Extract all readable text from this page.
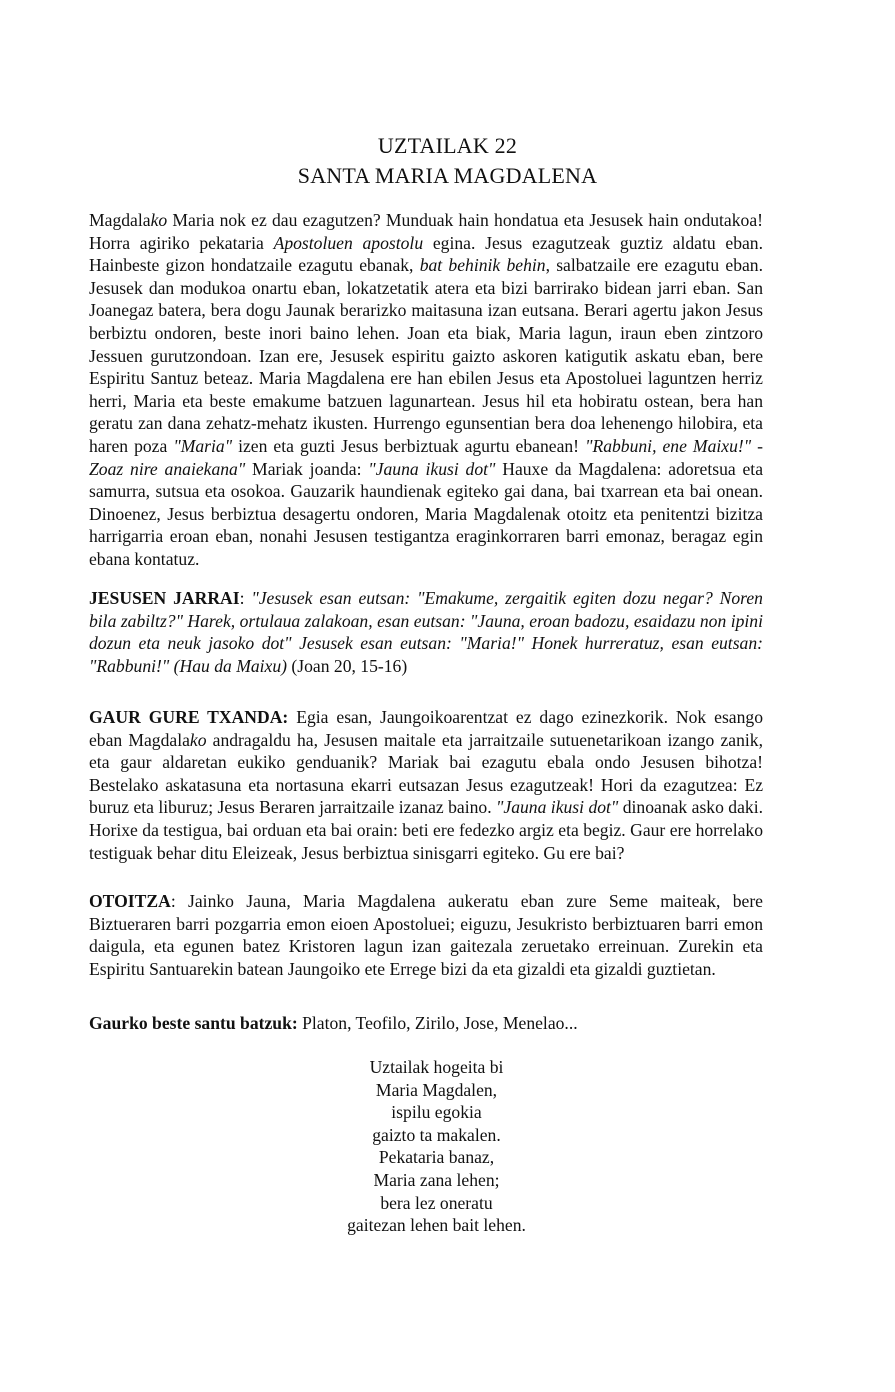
UZTAILAK 22
SANTA MARIA MAGDALENA

Magdalako Maria nok ez dau ezagutzen? Munduak hain hondatua eta Jesusek hain ondutakoa! Horra agiriko pekataria Apostoluen apostolu egina. Jesus ezagutzeak guztiz aldatu eban. Hainbeste gizon hondatzaile ezagutu ebanak, bat behinik behin, salbatzaile ere ezagutu eban. Jesusek dan modukoa onartu eban, lokatzetatik atera eta bizi barrirako bidean jarri eban. San Joanegaz batera, bera dogu Jaunak berarizko maitasuna izan eutsana. Berari agertu jakon Jesus berbiztu ondoren, beste inori baino lehen. Joan eta biak, Maria lagun, iraun eben zintzoro Jessuen gurutzondoan. Izan ere, Jesusek espiritu gaizto askoren katigutik askatu eban, bere Espiritu Santuz beteaz. Maria Magdalena ere han ebilen Jesus eta Apostoluei laguntzen herriz herri, Maria eta beste emakume batzuen lagunartean. Jesus hil eta hobiratu ostean, bera han geratu zan dana zehatz-mehatz ikusten. Hurrengo egunsentian bera doa lehenengo hilobira, eta haren poza "Maria" izen eta guzti Jesus berbiztuak agurtu ebanean! "Rabbuni, ene Maixu!" -Zoaz nire anaiekana" Mariak joanda: "Jauna ikusi dot" Hauxe da Magdalena: adoretsua eta samurra, sutsua eta osokoa. Gauzarik haundienak egiteko gai dana, bai txarrean eta bai onean. Dinoenez, Jesus berbiztua desagertu ondoren, Maria Magdalenak otoitz eta penitentzi bizitza harrigarria eroan eban, nonahi Jesusen testigantza eraginkorraren barri emonaz, beragaz egin ebana kontatuz.

JESUSEN JARRAI: "Jesusek esan eutsan: "Emakume, zergaitik egiten dozu negar? Noren bila zabiltz?" Harek, ortulaua zalakoan, esan eutsan: "Jauna, eroan badozu, esaidazu non ipini dozun eta neuk jasoko dot" Jesusek esan eutsan: "Maria!" Honek hurreratuz, esan eutsan: "Rabbuni!" (Hau da Maixu) (Joan 20, 15-16)

GAUR GURE TXANDA: Egia esan, Jaungoikoarentzat ez dago ezinezkorik. Nok esango eban Magdalako andragaldu ha, Jesusen maitale eta jarraitzaile sutuenetarikoan izango zanik, eta gaur aldaretan eukiko genduanik? Mariak bai ezagutu ebala ondo Jesusen bihotza! Bestelako askatasuna eta nortasuna ekarri eutsazan Jesus ezagutzeak! Hori da ezagutzea: Ez buruz eta liburuz; Jesus Beraren jarraitzaile izanaz baino. "Jauna ikusi dot" dinoanak asko daki. Horixe da testigua, bai orduan eta bai orain: beti ere fedezko argiz eta begiz. Gaur ere horrelako testiguak behar ditu Eleizeak, Jesus berbiztua sinisgarri egiteko. Gu ere bai?

OTOITZA: Jainko Jauna, Maria Magdalena aukeratu eban zure Seme maiteak, bere Biztueraren barri pozgarria emon eioen Apostoluei; eiguzu, Jesukristo berbiztuaren barri emon daigula, eta egunen batez Kristoren lagun izan gaitezala zeruetako erreinuan. Zurekin eta Espiritu Santuarekin batean Jaungoiko ete Errege bizi da eta gizaldi eta gizaldi guztietan.

Gaurko beste santu batzuk: Platon, Teofilo, Zirilo, Jose, Menelao...

Uztailak hogeita bi
Maria Magdalen,
ispilu egokia
gaizto ta makalen.
Pekataria banaz,
Maria zana lehen;
bera lez oneratu
gaitezan lehen bait lehen.
